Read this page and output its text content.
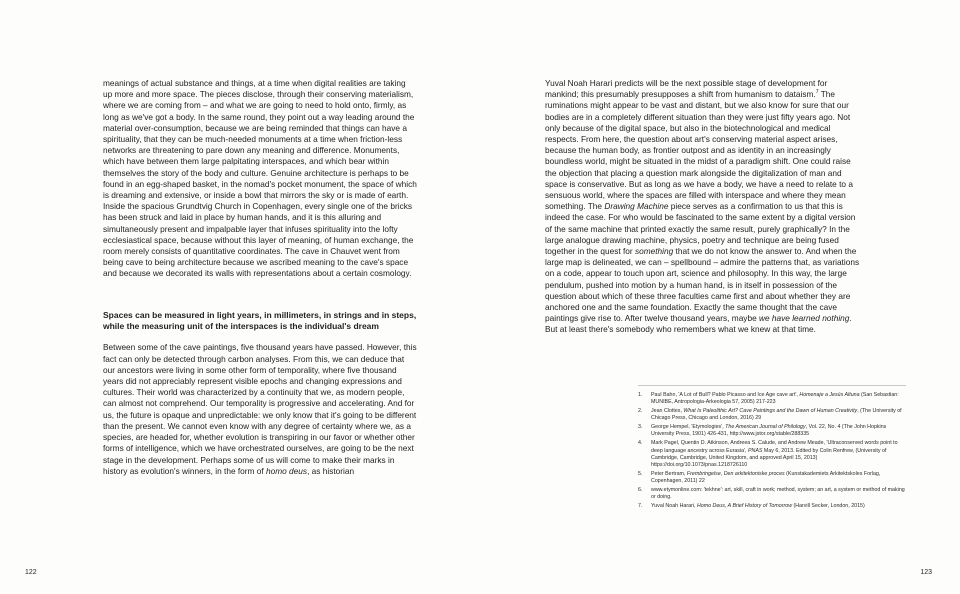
meanings of actual substance and things, at a time when digital realities are taking up more and more space. The pieces disclose, through their conserving materialism, where we are coming from – and what we are going to need to hold onto, firmly, as long as we've got a body. In the same round, they point out a way leading around the material over-consumption, because we are being reminded that things can have a spirituality, that they can be much-needed monuments at a time when friction-less networks are threatening to pare down any meaning and difference. Monuments, which have between them large palpitating interspaces, and which bear within themselves the story of the body and culture. Genuine architecture is perhaps to be found in an egg-shaped basket, in the nomad's pocket monument, the space of which is dreaming and extensive, or inside a bowl that mirrors the sky or is made of earth. Inside the spacious Grundtvig Church in Copenhagen, every single one of the bricks has been struck and laid in place by human hands, and it is this alluring and simultaneously present and impalpable layer that infuses spirituality into the lofty ecclesiastical space, because without this layer of meaning, of human exchange, the room merely consists of quantitative coordinates. The cave in Chauvet went from being cave to being architecture because we ascribed meaning to the cave's space and because we decorated its walls with representations about a certain cosmology.

Spaces can be measured in light years, in millimeters, in strings and in steps, while the measuring unit of the interspaces is the individual's dream

Between some of the cave paintings, five thousand years have passed. However, this fact can only be detected through carbon analyses. From this, we can deduce that our ancestors were living in some other form of temporality, where five thousand years did not appreciably represent visible epochs and changing expressions and cultures. Their world was characterized by a continuity that we, as modern people, can almost not comprehend. Our temporality is progressive and accelerating. And for us, the future is opaque and unpredictable: we only know that it's going to be different than the present. We cannot even know with any degree of certainty where we, as a species, are headed for, whether evolution is transpiring in our favor or whether other forms of intelligence, which we have orchestrated ourselves, are going to be the next stage in the development. Perhaps some of us will come to make their marks in history as evolution's winners, in the form of homo deus, as historian

Yuval Noah Harari predicts will be the next possible stage of development for mankind; this presumably presupposes a shift from humanism to dataism.$^7$ The ruminations might appear to be vast and distant, but we also know for sure that our bodies are in a completely different situation than they were just fifty years ago. Not only because of the digital space, but also in the biotechnological and medical respects. From here, the question about art's conserving material aspect arises, because the human body, as frontier outpost and as identity in an increasingly boundless world, might be situated in the midst of a paradigm shift. One could raise the objection that placing a question mark alongside the digitalization of man and space is conservative. But as long as we have a body, we have a need to relate to a sensuous world, where the spaces are filled with interspace and where they mean something. The Drawing Machine piece serves as a confirmation to us that this is indeed the case. For who would be fascinated to the same extent by a digital version of the same machine that printed exactly the same result, purely graphically? In the large analogue drawing machine, physics, poetry and technique are being fused together in the quest for something that we do not know the answer to. And when the large map is delineated, we can – spellbound – admire the patterns that, as variations on a code, appear to touch upon art, science and philosophy. In this way, the large pendulum, pushed into motion by a human hand, is in itself in possession of the question about which of these three faculties came first and about whether they are anchored one and the same foundation. Exactly the same thought that the cave paintings give rise to. After twelve thousand years, maybe we have learned nothing. But at least there's somebody who remembers what we knew at that time.

1.	Paul Bahn, 'A Lot of Bull? Pablo Picasso and Ice Age cave art', Homenaje a Jesús Altuna (San Sebastian: MUNIBE, Antropologia-Arkeologia 57, 2005) 217-223
2.	Jean Clottes, What Is Paleolithic Art? Cave Paintings and the Dawn of Human Creativity, (The University of Chicago Press, Chicago and London, 2016) 29
3.	George Hempel, 'Etymologies', The American Journal of Philology, Vol. 22, No. 4 (The John Hopkins University Press, 1901) 426-431, http://www.jstor.org/stable/288335
4.	Mark Pagel, Quentin D. Atkinson, Andreea S. Calude, and Andrew Meade, 'Ultraconserved words point to deep language ancestry across Eurasia', PNAS May 6, 2013. Edited by Colin Renfrew, (University of Cambridge, Cambridge, United Kingdom, and approved April 15, 2013) https://doi.org/10.1073/pnas.1218726110
5.	Peter Bertram, Frembringelse, Den arkitektoniske proces (Kunstakademiets Arkitektskoles Forlag, Copenhagen, 2011) 22
6.	www.etymonline.com: 'tekhne': art, skill, craft in work; method, system; an art, a system or method of making or doing.
7.	Yuval Noah Harari, Homo Deus, A Brief History of Tomorrow (Harvill Secker, London, 2015)
122	123
